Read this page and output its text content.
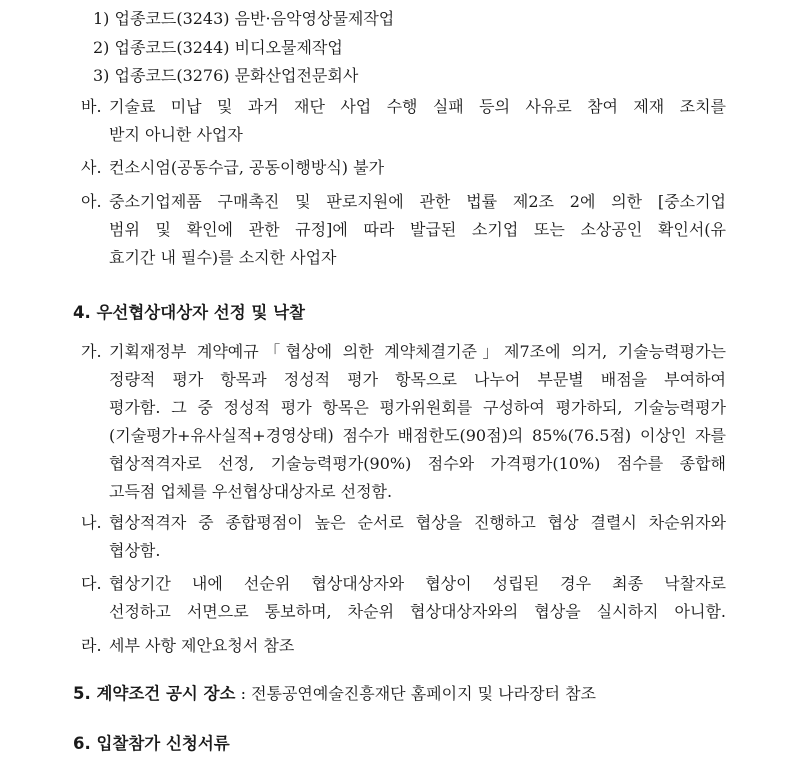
1) 업종코드(3243) 음반·음악영상물제작업
2) 업종코드(3244) 비디오물제작업
3) 업종코드(3276) 문화산업전문회사
바. 기술료 미납 및 과거 재단 사업 수행 실패 등의 사유로 참여 제재 조치를
받지 아니한 사업자
사. 컨소시엄(공동수급, 공동이행방식) 불가
아. 중소기업제품 구매촉진 및 판로지원에 관한 법률 제2조 2에 의한 [중소기업
범위 및 확인에 관한 규정]에 따라 발급된 소기업 또는 소상공인 확인서(유
효기간 내 필수)를 소지한 사업자
4. 우선협상대상자 선정 및 낙찰
가. 기획재정부 계약예규「협상에 의한 계약체결기준」제7조에 의거, 기술능력평가는
정량적 평가 항목과 정성적 평가 항목으로 나누어 부문별 배점을 부여하여
평가함. 그 중 정성적 평가 항목은 평가위원회를 구성하여 평가하되, 기술능력평가
(기술평가+유사실적+경영상태) 점수가 배점한도(90점)의 85%(76.5점) 이상인 자를
협상적격자로 선정, 기술능력평가(90%) 점수와 가격평가(10%) 점수를 종합해
고득점 업체를 우선협상대상자로 선정함.
나. 협상적격자 중 종합평점이 높은 순서로 협상을 진행하고 협상 결렬시 차순위자와
협상함.
다. 협상기간 내에 선순위 협상대상자와 협상이 성립된 경우 최종 낙찰자로
선정하고 서면으로 통보하며, 차순위 협상대상자와의 협상을 실시하지 아니함.
라. 세부 사항 제안요청서 참조
5. 계약조건 공시 장소 : 전통공연예술진흥재단 홈페이지 및 나라장터 참조
6. 입찰참가 신청서류
